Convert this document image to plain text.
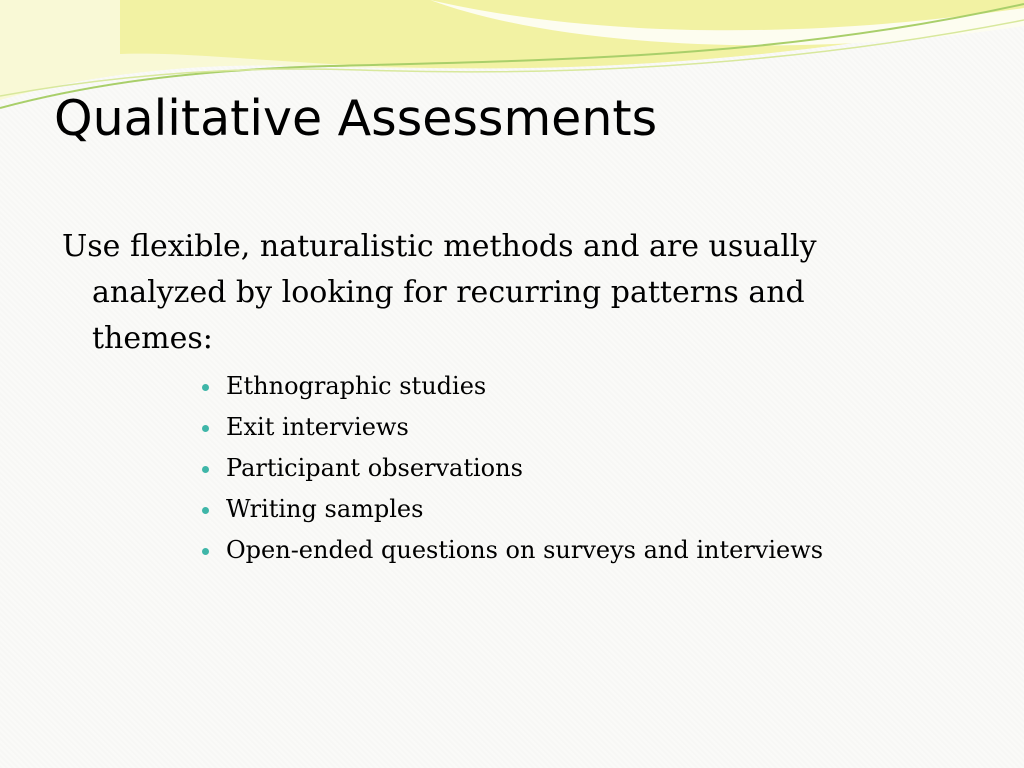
Qualitative Assessments

Use flexible, naturalistic methods and are usually analyzed by looking for recurring patterns and themes:

Ethnographic studies
Exit interviews
Participant observations
Writing samples
Open-ended questions on surveys and interviews
